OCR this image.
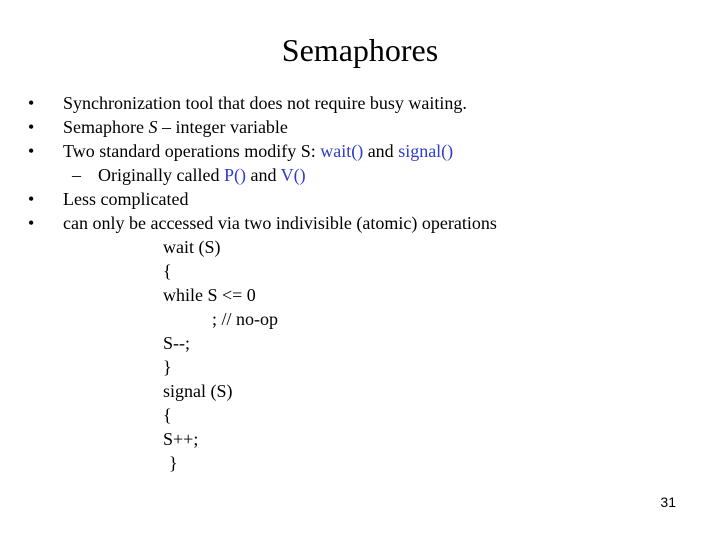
Semaphores
• Synchronization tool that does not require busy waiting.
• Semaphore S – integer variable
• Two standard operations modify S: wait() and signal()
– Originally called P() and V()
• Less complicated
• can only be accessed via two indivisible (atomic) operations
wait (S)
{
while S <= 0
; // no-op
S--;
}
signal (S)
{
S++;
}
31
